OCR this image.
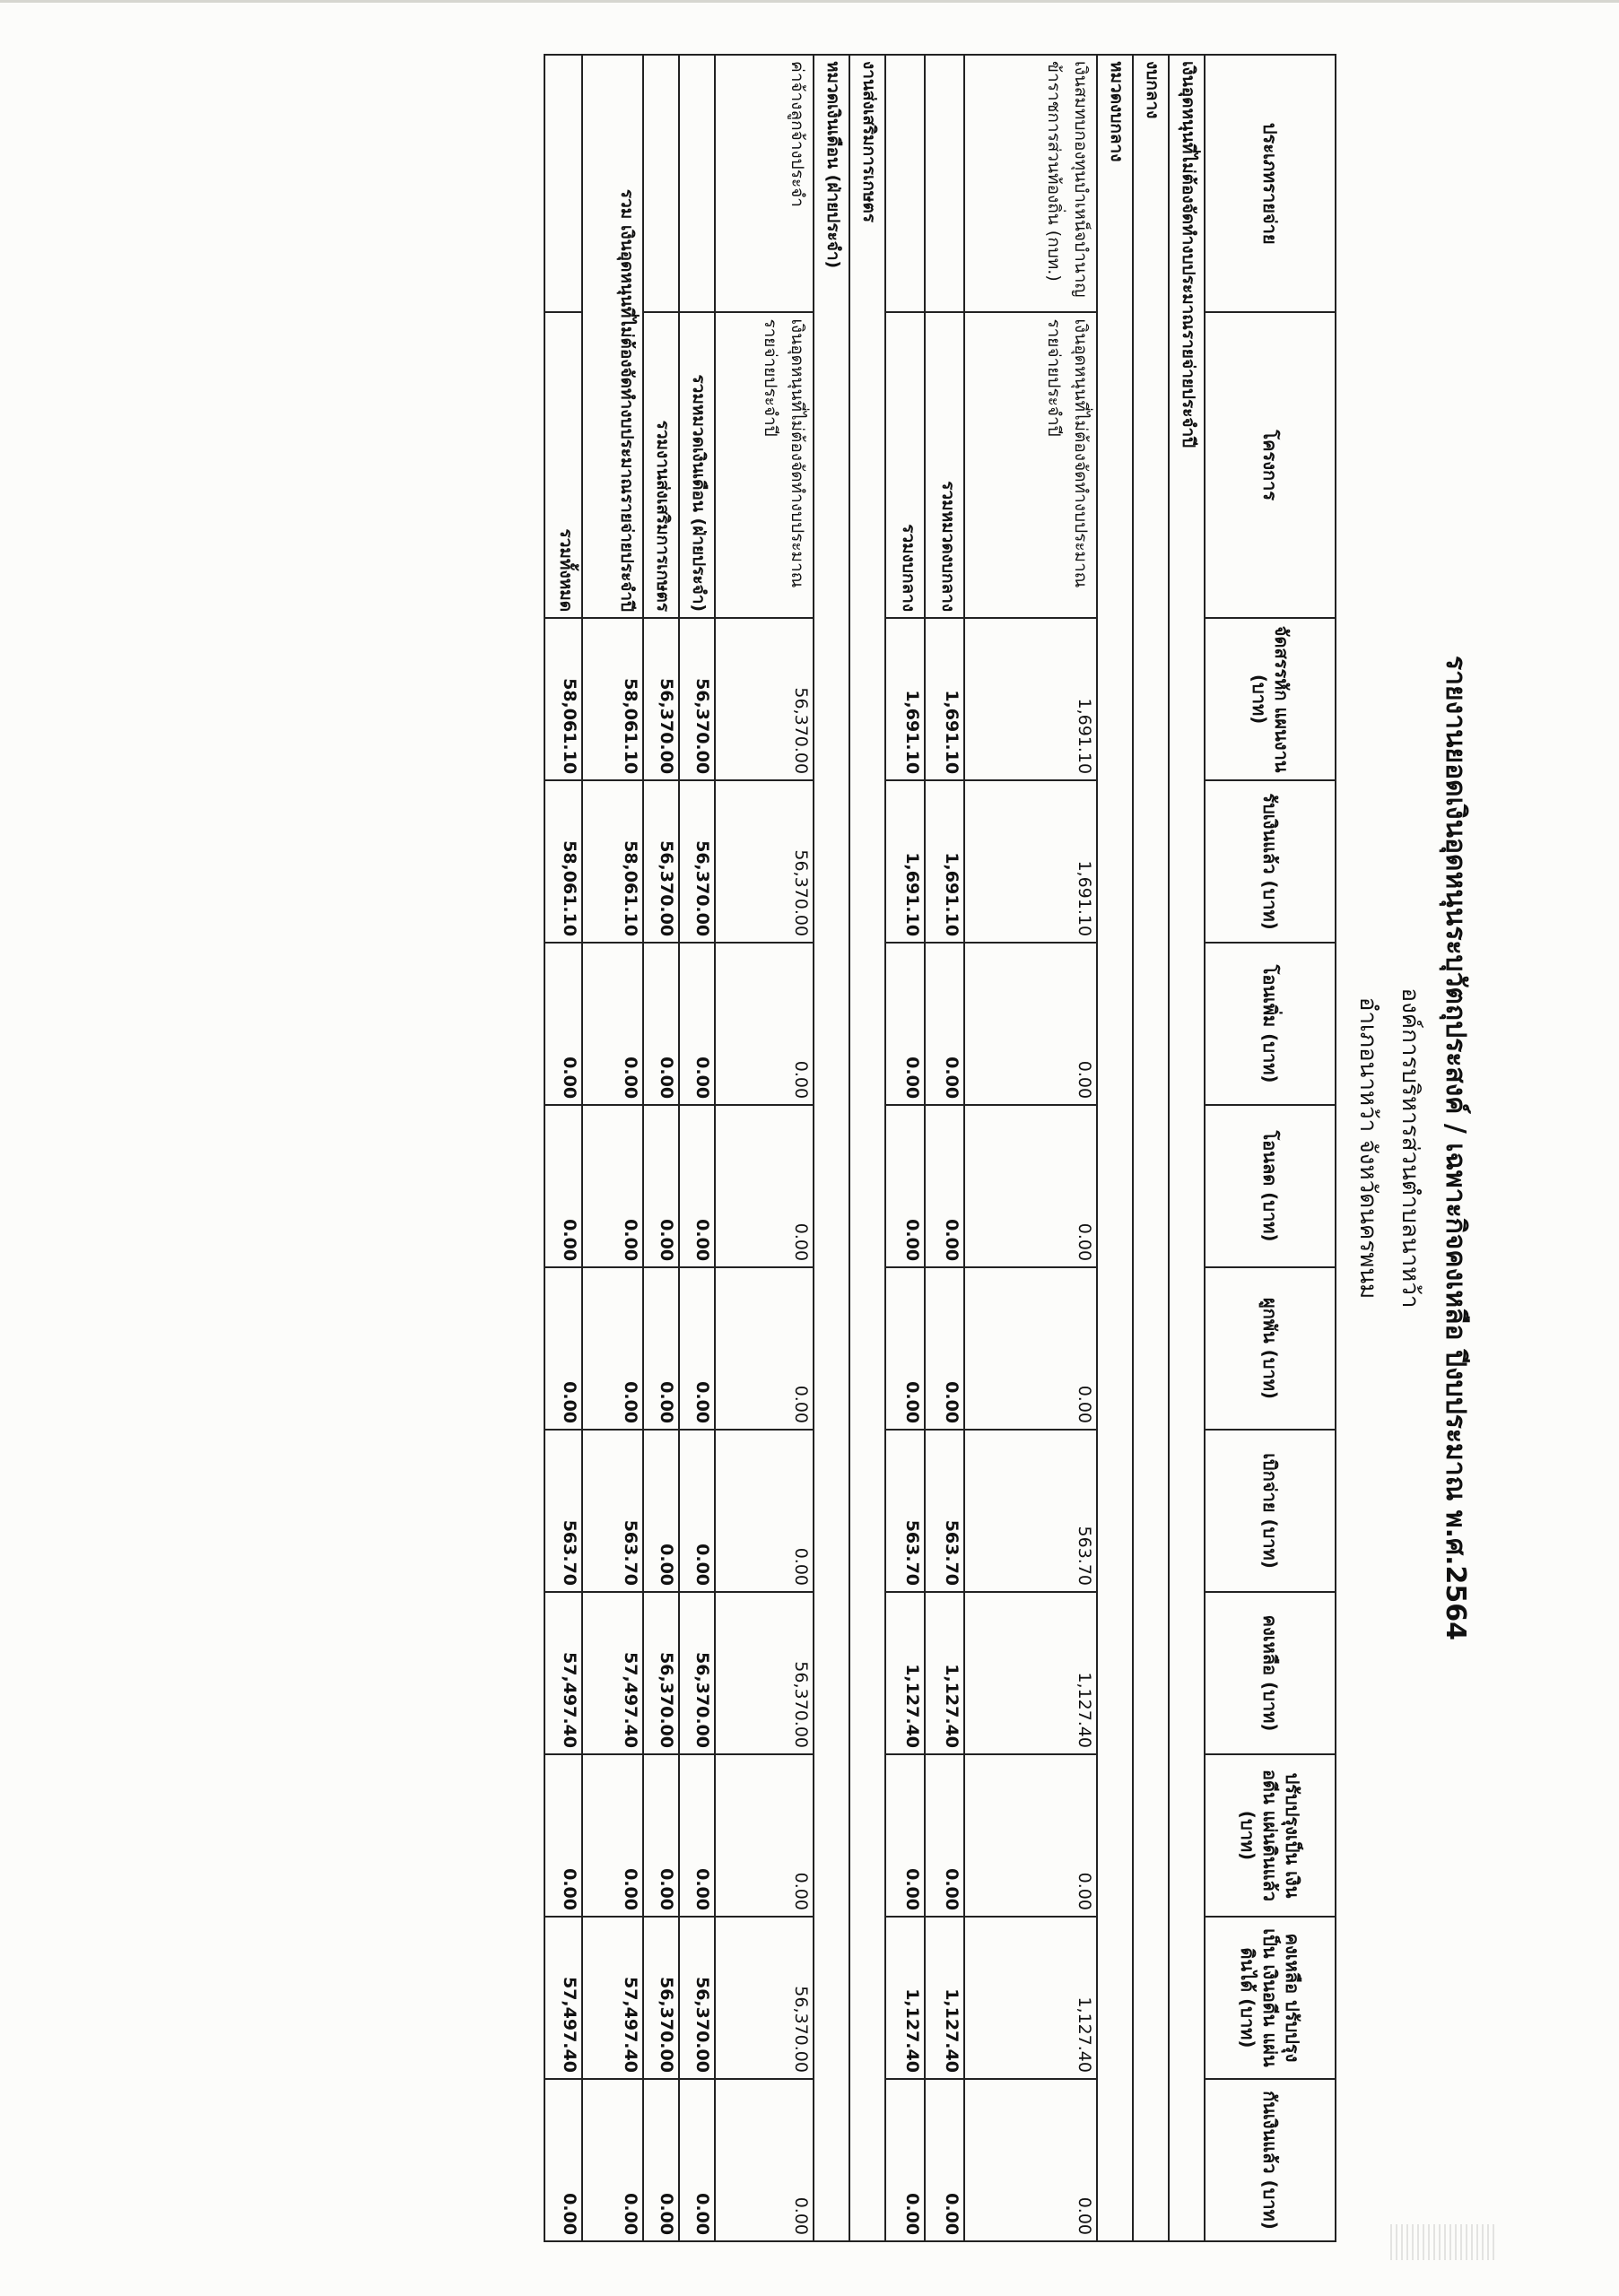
รายงานยอดเงินอุดหนุนระบุวัตถุประสงค์ / เฉพาะกิจคงเหลือ ปีงบประมาณ พ.ศ.2564
องค์การบริหารส่วนตำบลนาหว้า
อำเภอนาหว้า จังหวัดนครพนม
ประเภทรายจ่าย	โครงการ	จัดสรรหัก แผนงาน (บาท)	รับเงินแล้ว (บาท)	โอนเพิ่ม (บาท)	โอนลด (บาท)	ผูกพัน (บาท)	เบิกจ่าย (บาท)	คงเหลือ (บาท)	ปรับปรุงเป็น เงินอดีน แผ่นดินแล้ว (บาท)	คงเหลือ ปรับปรุงเป็น เงินอดีน แผ่นดินได้ (บาท)	กันเงินแล้ว (บาท)
เงินอุดหนุนที่ไม่ต้องจัดทำงบประมาณรายจ่ายประจำปี											
งบกลาง											
หมวดงบกลาง											
เงินสมทบกองทุนบำเหน็จบำนาญข้าราชการส่วนท้องถิ่น (กบท.)	เงินอุดหนุนที่ไม่ต้องจัดทำงบประมาณรายจ่ายประจำปี	1,691.10	1,691.10	0.00	0.00	0.00	563.70	1,127.40	0.00	1,127.40	0.00
	รวมหมวดงบกลาง	1,691.10	1,691.10	0.00	0.00	0.00	563.70	1,127.40	0.00	1,127.40	0.00
	รวมงบกลาง	1,691.10	1,691.10	0.00	0.00	0.00	563.70	1,127.40	0.00	1,127.40	0.00
งานส่งเสริมการเกษตร											
หมวดเงินเดือน (ฝ่ายประจำ)											
ค่าจ้างลูกจ้างประจำ	เงินอุดหนุนที่ไม่ต้องจัดทำงบประมาณรายจ่ายประจำปี	56,370.00	56,370.00	0.00	0.00	0.00	0.00	56,370.00	0.00	56,370.00	0.00
	รวมหมวดเงินเดือน (ฝ่ายประจำ)	56,370.00	56,370.00	0.00	0.00	0.00	0.00	56,370.00	0.00	56,370.00	0.00
	รวมงานส่งเสริมการเกษตร	56,370.00	56,370.00	0.00	0.00	0.00	0.00	56,370.00	0.00	56,370.00	0.00
รวม เงินอุดหนุนที่ไม่ต้องจัดทำงบประมาณรายจ่ายประจำปี		58,061.10	58,061.10	0.00	0.00	0.00	563.70	57,497.40	0.00	57,497.40	0.00
	รวมทั้งหมด	58,061.10	58,061.10	0.00	0.00	0.00	563.70	57,497.40	0.00	57,497.40	0.00
